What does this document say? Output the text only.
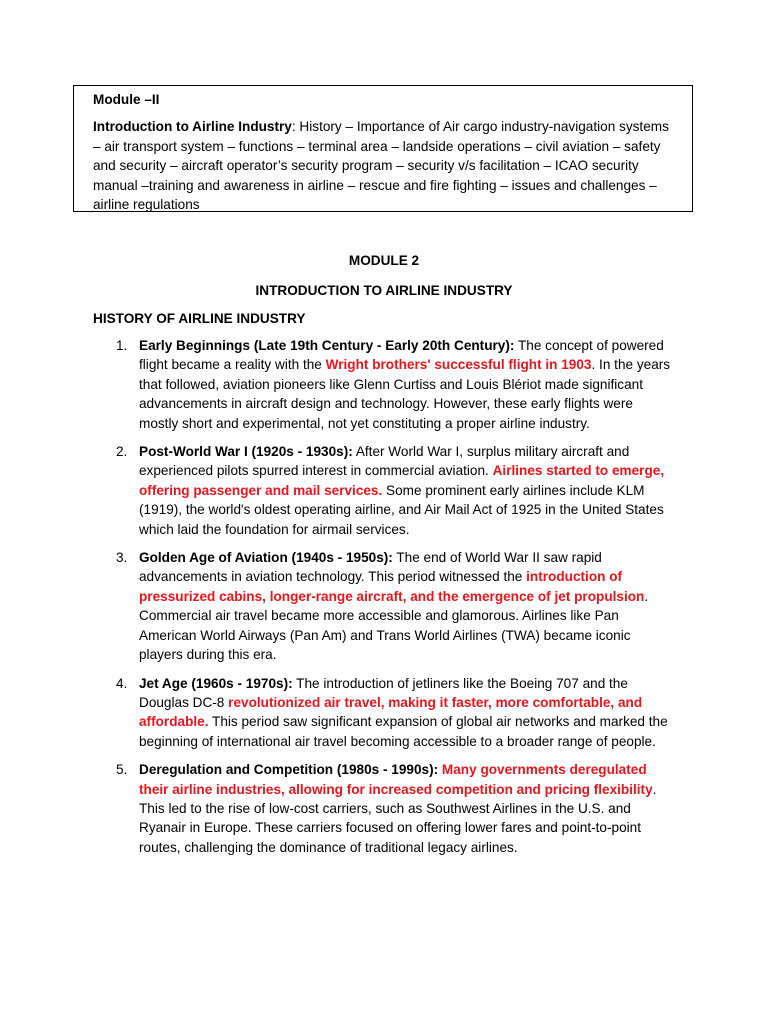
Module –II
Introduction to Airline Industry: History – Importance of Air cargo industry-navigation systems – air transport system – functions – terminal area – landside operations – civil aviation – safety and security – aircraft operator’s security program – security v/s facilitation – ICAO security manual –training and awareness in airline – rescue and fire fighting – issues and challenges –airline regulations
MODULE 2
INTRODUCTION TO AIRLINE INDUSTRY
HISTORY OF AIRLINE INDUSTRY
1. Early Beginnings (Late 19th Century - Early 20th Century): The concept of powered flight became a reality with the Wright brothers' successful flight in 1903. In the years that followed, aviation pioneers like Glenn Curtiss and Louis Blériot made significant advancements in aircraft design and technology. However, these early flights were mostly short and experimental, not yet constituting a proper airline industry.
2. Post-World War I (1920s - 1930s): After World War I, surplus military aircraft and experienced pilots spurred interest in commercial aviation. Airlines started to emerge, offering passenger and mail services. Some prominent early airlines include KLM (1919), the world's oldest operating airline, and Air Mail Act of 1925 in the United States which laid the foundation for airmail services.
3. Golden Age of Aviation (1940s - 1950s): The end of World War II saw rapid advancements in aviation technology. This period witnessed the introduction of pressurized cabins, longer-range aircraft, and the emergence of jet propulsion. Commercial air travel became more accessible and glamorous. Airlines like Pan American World Airways (Pan Am) and Trans World Airlines (TWA) became iconic players during this era.
4. Jet Age (1960s - 1970s): The introduction of jetliners like the Boeing 707 and the Douglas DC-8 revolutionized air travel, making it faster, more comfortable, and affordable. This period saw significant expansion of global air networks and marked the beginning of international air travel becoming accessible to a broader range of people.
5. Deregulation and Competition (1980s - 1990s): Many governments deregulated their airline industries, allowing for increased competition and pricing flexibility. This led to the rise of low-cost carriers, such as Southwest Airlines in the U.S. and Ryanair in Europe. These carriers focused on offering lower fares and point-to-point routes, challenging the dominance of traditional legacy airlines.
